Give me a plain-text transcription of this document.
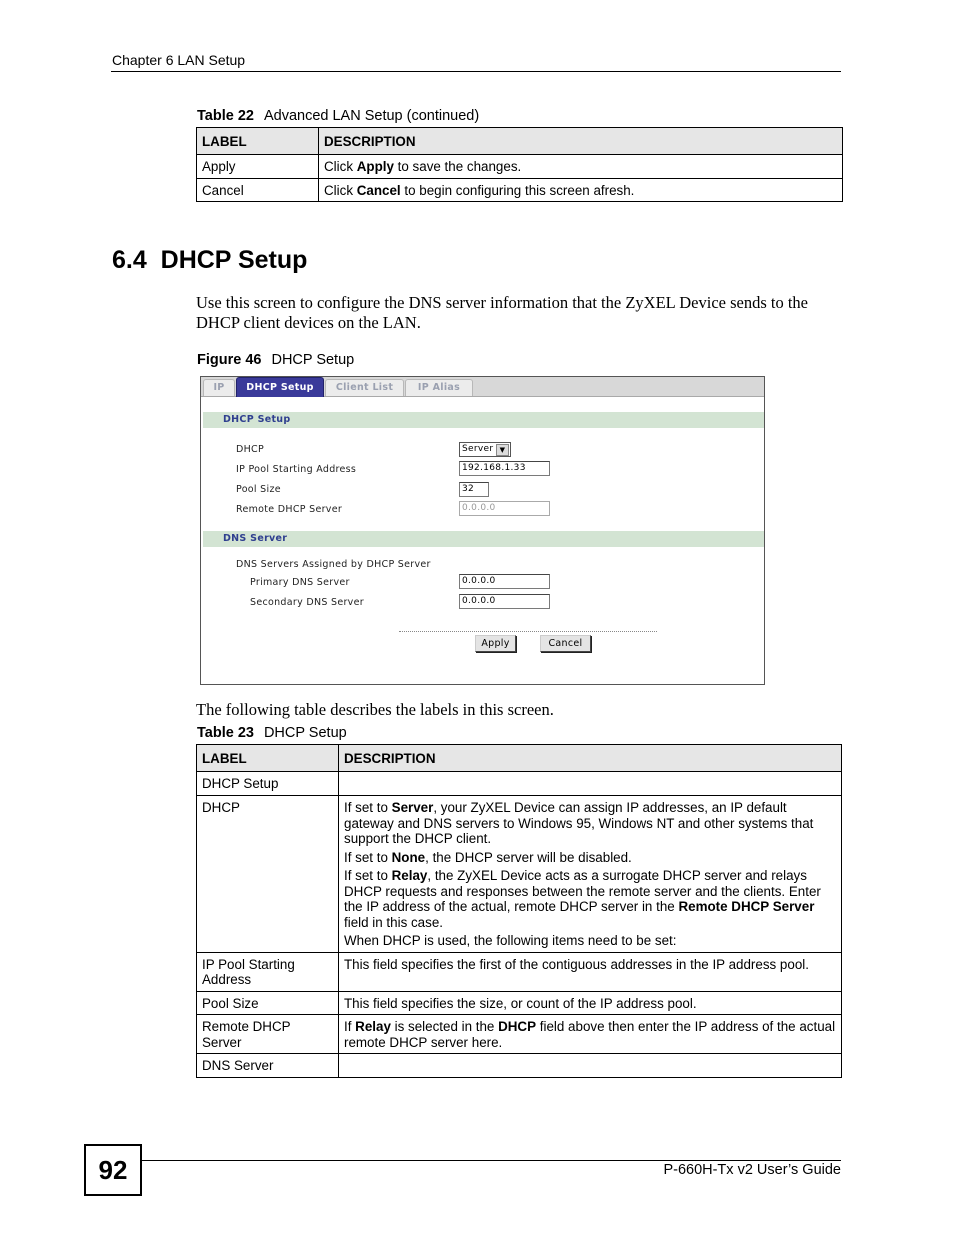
Chapter 6 LAN Setup
Table 22 Advanced LAN Setup (continued)
LABEL	DESCRIPTION
Apply	Click Apply to save the changes.
Cancel	Click Cancel to begin configuring this screen afresh.
6.4  DHCP Setup
Use this screen to configure the DNS server information that the ZyXEL Device sends to the DHCP client devices on the LAN.
Figure 46 DHCP Setup
IP	DHCP Setup	Client List	IP Alias
DHCP Setup
DHCP	Server ▼
IP Pool Starting Address	192.168.1.33
Pool Size	32
Remote DHCP Server	0.0.0.0
DNS Server
DNS Servers Assigned by DHCP Server
Primary DNS Server	0.0.0.0
Secondary DNS Server	0.0.0.0
Apply	Cancel
The following table describes the labels in this screen.
Table 23 DHCP Setup
LABEL	DESCRIPTION
DHCP Setup	
DHCP	If set to Server, your ZyXEL Device can assign IP addresses, an IP default gateway and DNS servers to Windows 95, Windows NT and other systems that support the DHCP client.

If set to None, the DHCP server will be disabled.

If set to Relay, the ZyXEL Device acts as a surrogate DHCP server and relays DHCP requests and responses between the remote server and the clients. Enter the IP address of the actual, remote DHCP server in the Remote DHCP Server field in this case.

When DHCP is used, the following items need to be set:

IP Pool Starting Address	This field specifies the first of the contiguous addresses in the IP address pool.
Pool Size	This field specifies the size, or count of the IP address pool.
Remote DHCP Server	If Relay is selected in the DHCP field above then enter the IP address of the actual remote DHCP server here.
DNS Server	
92	P-660H-Tx v2 User’s Guide
